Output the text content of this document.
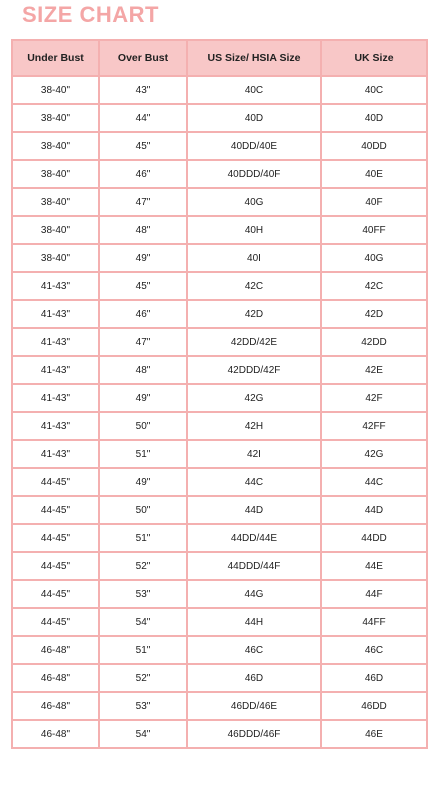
SIZE CHART
Under Bust	Over Bust	US Size/ HSIA Size	UK Size
38-40"	43"	40C	40C
38-40"	44"	40D	40D
38-40"	45"	40DD/40E	40DD
38-40"	46"	40DDD/40F	40E
38-40"	47"	40G	40F
38-40"	48"	40H	40FF
38-40"	49"	40I	40G
41-43"	45"	42C	42C
41-43"	46"	42D	42D
41-43"	47"	42DD/42E	42DD
41-43"	48"	42DDD/42F	42E
41-43"	49"	42G	42F
41-43"	50"	42H	42FF
41-43"	51"	42I	42G
44-45"	49"	44C	44C
44-45"	50"	44D	44D
44-45"	51"	44DD/44E	44DD
44-45"	52"	44DDD/44F	44E
44-45"	53"	44G	44F
44-45"	54"	44H	44FF
46-48"	51"	46C	46C
46-48"	52"	46D	46D
46-48"	53"	46DD/46E	46DD
46-48"	54"	46DDD/46F	46E
